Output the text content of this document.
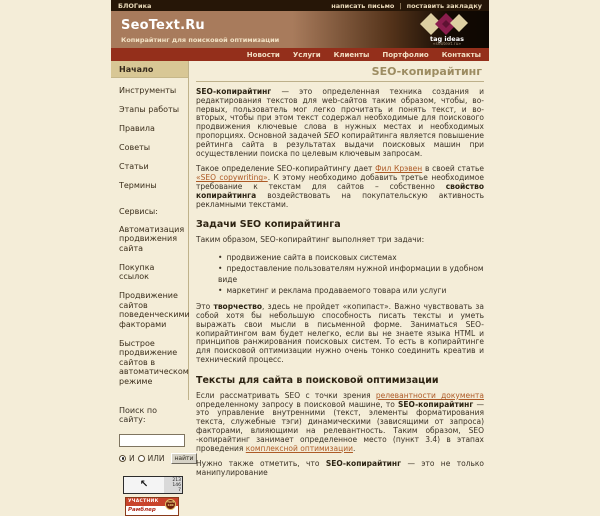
БЛОГика	написать письмо | поставить закладку
SeoText.Ru
Копирайтинг для поисковой оптимизации	tag ideas
«seotext.ru»
Новости Услуги Клиенты Портфолио Контакты
Начало
Инструменты
Этапы работы
Правила
Советы
Статьи
Термины
Сервисы:
Автоматизация продвижения сайта
Покупка ссылок
Продвижение сайтов поведенческими факторами
Быстрое продвижение сайтов в автоматическом режиме
Поиск по сайту:
И ИЛИ	найти
↖	213
146
7
УЧАСТНИК
Рамблер
ТОП 100
SEO-копирайтинг

SEO-копирайтинг — это определенная техника создания и редактирования текстов для web-сайтов таким образом, чтобы, во-первых, пользователь мог легко прочитать и понять текст, и во-вторых, чтобы при этом текст содержал необходимые для поискового продвижения ключевые слова в нужных местах и необходимых пропорциях. Основной задачей SEO копирайтинга является повышение рейтинга сайта в результатах выдачи поисковых машин при осуществлении поиска по целевым ключевым запросам.

Такое определение SEO-копирайтингу дает Фил Крэвен в своей статье «SEO copywriting». К этому необходимо добавить третье необходимое требование к текстам для сайтов – собственно свойство копирайтинга воздействовать на покупательскую активность рекламными текстами.

Задачи SEO копирайтинга

Таким образом, SEO-копирайтинг выполняет три задачи:

• продвижение сайта в поисковых системах
• предоставление пользователям нужной информации в удобном виде
• маркетинг и реклама продаваемого товара или услуги

Это творчество, здесь не пройдет «копипаст». Важно чувствовать за собой хотя бы небольшую способность писать тексты и уметь выражать свои мысли в письменной форме. Заниматься SEO-копирайтингом вам будет нелегко, если вы не знаете языка HTML и принципов ранжирования поисковых систем. То есть в копирайтинге для поисковой оптимизации нужно очень тонко соединить креатив и технический процесс.

Тексты для сайта в поисковой оптимизации

Если рассматривать SEO с точки зрения релевантности документа определенному запросу в поисковой машине, то SEO-копирайтинг — это управление внутренними (текст, элементы форматирования текста, служебные тэги) динамическими (зависящими от запроса) факторами, влияющими на релевантность. Таким образом, SEO -копирайтинг занимает определенное место (пункт 3.4) в этапах проведения комплексной оптимизации.

Нужно также отметить, что SEO-копирайтинг — это не только манипулирование
